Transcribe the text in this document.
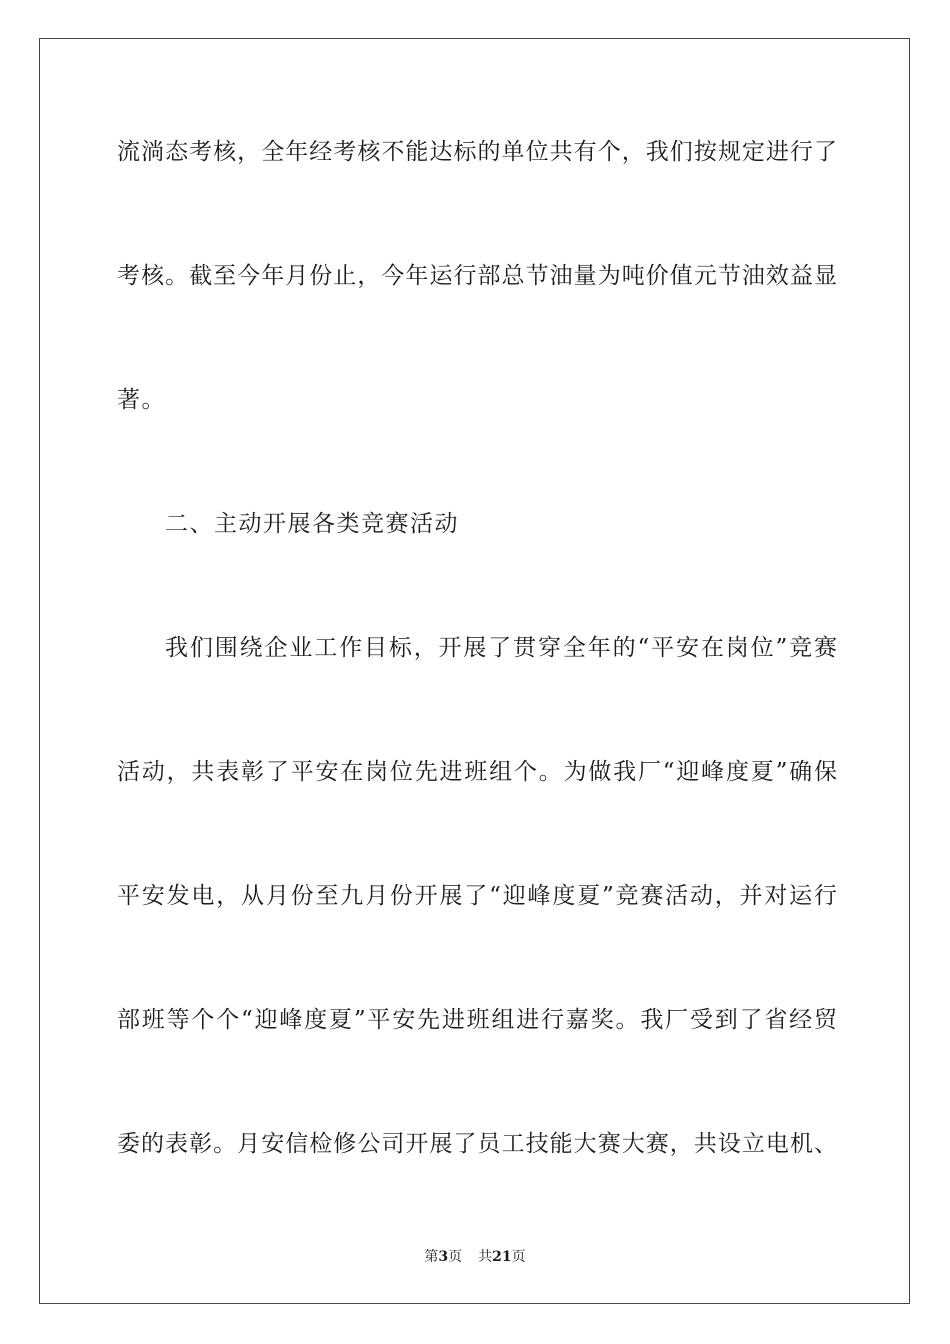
流淌态考核，全年经考核不能达标的单位共有个，我们按规定进行了
考核。截至今年月份止，今年运行部总节油量为吨价值元节油效益显
著。
二、主动开展各类竞赛活动
我们围绕企业工作目标，开展了贯穿全年的“平安在岗位”竞赛
活动，共表彰了平安在岗位先进班组个。为做我厂“迎峰度夏”确保
平安发电，从月份至九月份开展了“迎峰度夏”竞赛活动，并对运行
部班等个个“迎峰度夏”平安先进班组进行嘉奖。我厂受到了省经贸
委的表彰。月安信检修公司开展了员工技能大赛大赛，共设立电机、
第3页 共21页
